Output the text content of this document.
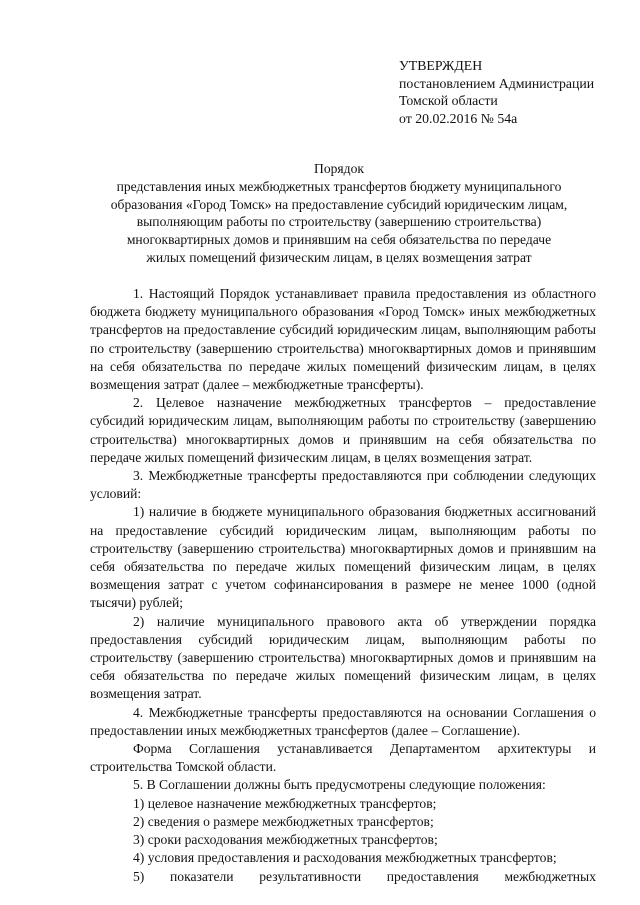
УТВЕРЖДЕН
постановлением Администрации
Томской области
от 20.02.2016 № 54а
Порядок
представления иных межбюджетных трансфертов бюджету муниципального
образования «Город Томск» на предоставление субсидий юридическим лицам,
выполняющим работы по строительству (завершению строительства)
многоквартирных домов и принявшим на себя обязательства по передаче
жилых помещений физическим лицам, в целях возмещения затрат

1. Настоящий Порядок устанавливает правила предоставления из областного бюджета бюджету муниципального образования «Город Томск» иных межбюджетных трансфертов на предоставление субсидий юридическим лицам, выполняющим работы по строительству (завершению строительства) многоквартирных домов и принявшим на себя обязательства по передаче жилых помещений физическим лицам, в целях возмещения затрат (далее – межбюджетные трансферты).

2. Целевое назначение межбюджетных трансфертов – предоставление субсидий юридическим лицам, выполняющим работы по строительству (завершению строительства) многоквартирных домов и принявшим на себя обязательства по передаче жилых помещений физическим лицам, в целях возмещения затрат.

3. Межбюджетные трансферты предоставляются при соблюдении следующих условий:

1) наличие в бюджете муниципального образования бюджетных ассигнований на предоставление субсидий юридическим лицам, выполняющим работы по строительству (завершению строительства) многоквартирных домов и принявшим на себя обязательства по передаче жилых помещений физическим лицам, в целях возмещения затрат с учетом софинансирования в размере не менее 1000 (одной тысячи) рублей;

2) наличие муниципального правового акта об утверждении порядка предоставления субсидий юридическим лицам, выполняющим работы по строительству (завершению строительства) многоквартирных домов и принявшим на себя обязательства по передаче жилых помещений физическим лицам, в целях возмещения затрат.

4. Межбюджетные трансферты предоставляются на основании Соглашения о предоставлении иных межбюджетных трансфертов (далее – Соглашение).

Форма Соглашения устанавливается Департаментом архитектуры и строительства Томской области.

5. В Соглашении должны быть предусмотрены следующие положения:

1) целевое назначение межбюджетных трансфертов;

2) сведения о размере межбюджетных трансфертов;

3) сроки расходования межбюджетных трансфертов;

4) условия предоставления и расходования межбюджетных трансфертов;

5) показатели результативности предоставления межбюджетных
